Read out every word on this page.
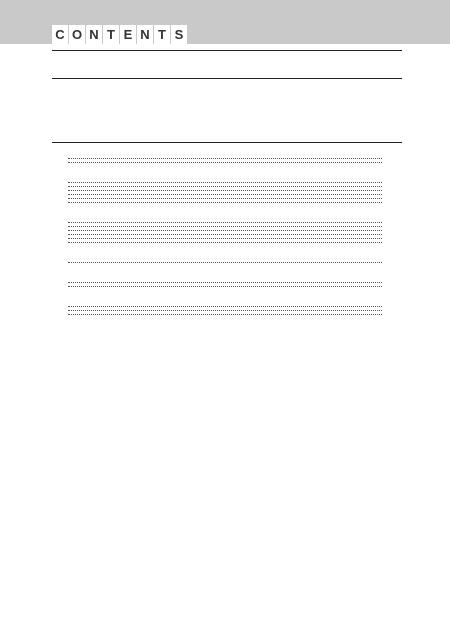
C O N T E N T S
